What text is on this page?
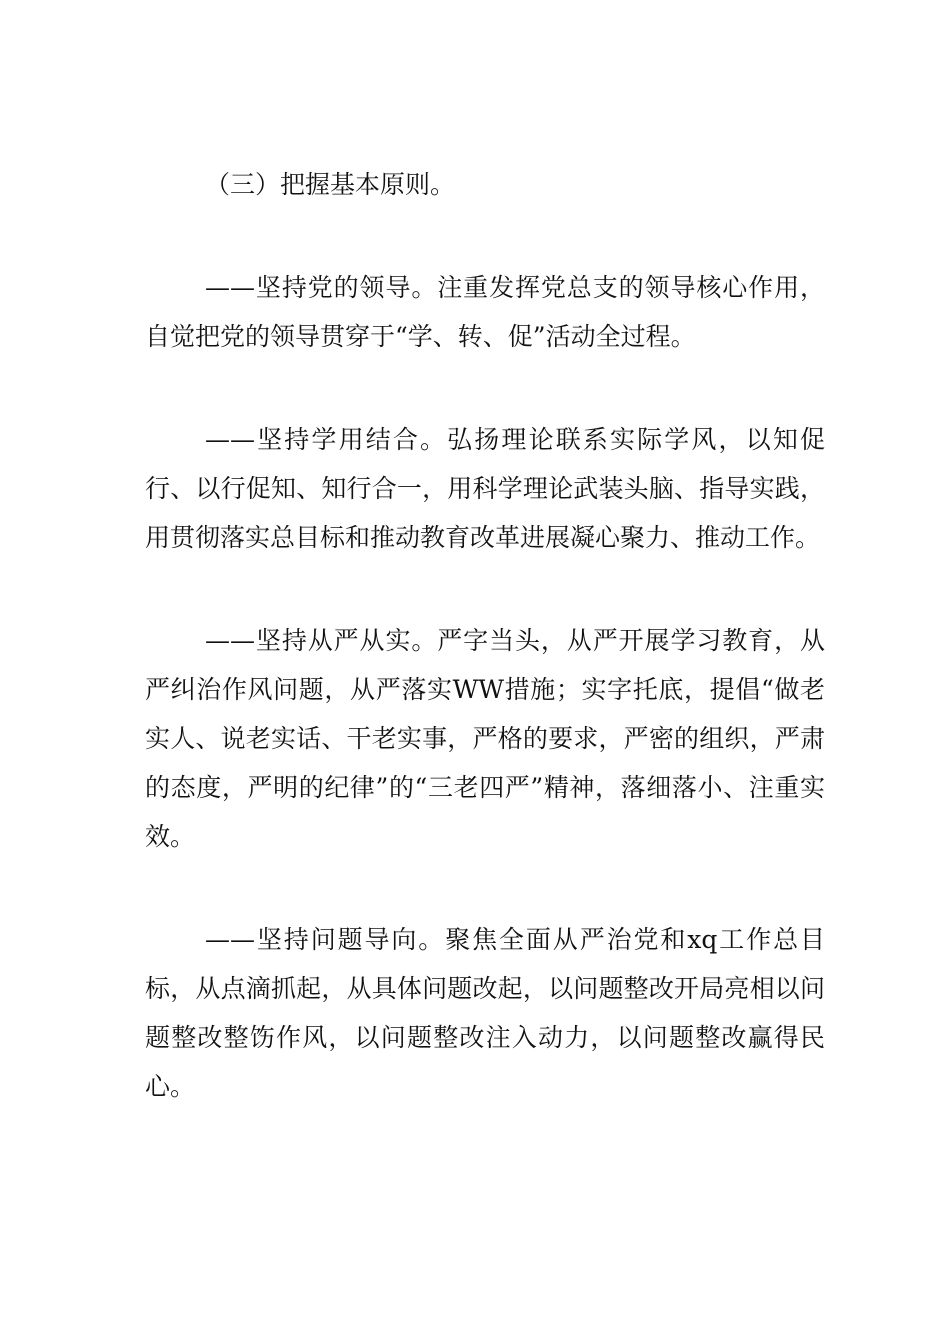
（三）把握基本原则。

——坚持党的领导。注重发挥党总支的领导核心作用，自觉把党的领导贯穿于“学、转、促”活动全过程。

——坚持学用结合。弘扬理论联系实际学风，以知促行、以行促知、知行合一，用科学理论武装头脑、指导实践，用贯彻落实总目标和推动教育改革进展凝心聚力、推动工作。

——坚持从严从实。严字当头，从严开展学习教育，从严纠治作风问题，从严落实WW措施；实字托底，提倡“做老实人、说老实话、干老实事，严格的要求，严密的组织，严肃的态度，严明的纪律”的“三老四严”精神，落细落小、注重实效。

——坚持问题导向。聚焦全面从严治党和xq工作总目标，从点滴抓起，从具体问题改起，以问题整改开局亮相以问题整改整饬作风，以问题整改注入动力，以问题整改赢得民心。
